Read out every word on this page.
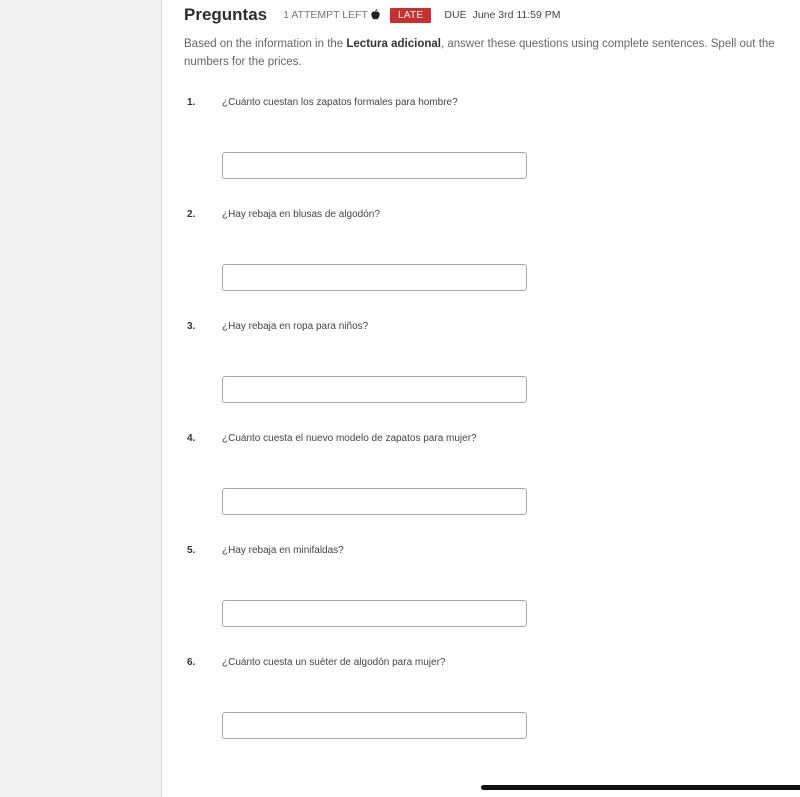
Preguntas 1 ATTEMPT LEFT	LATE	DUE June 3rd 11:59 PM
Based on the information in the Lectura adicional, answer these questions using complete sentences. Spell out the numbers for the prices.
1.	¿Cuánto cuestan los zapatos formales para hombre?
2.	¿Hay rebaja en blusas de algodón?
3.	¿Hay rebaja en ropa para niños?
4.	¿Cuánto cuesta el nuevo modelo de zapatos para mujer?
5.	¿Hay rebaja en minifaldas?
6.	¿Cuánto cuesta un suéter de algodón para mujer?
